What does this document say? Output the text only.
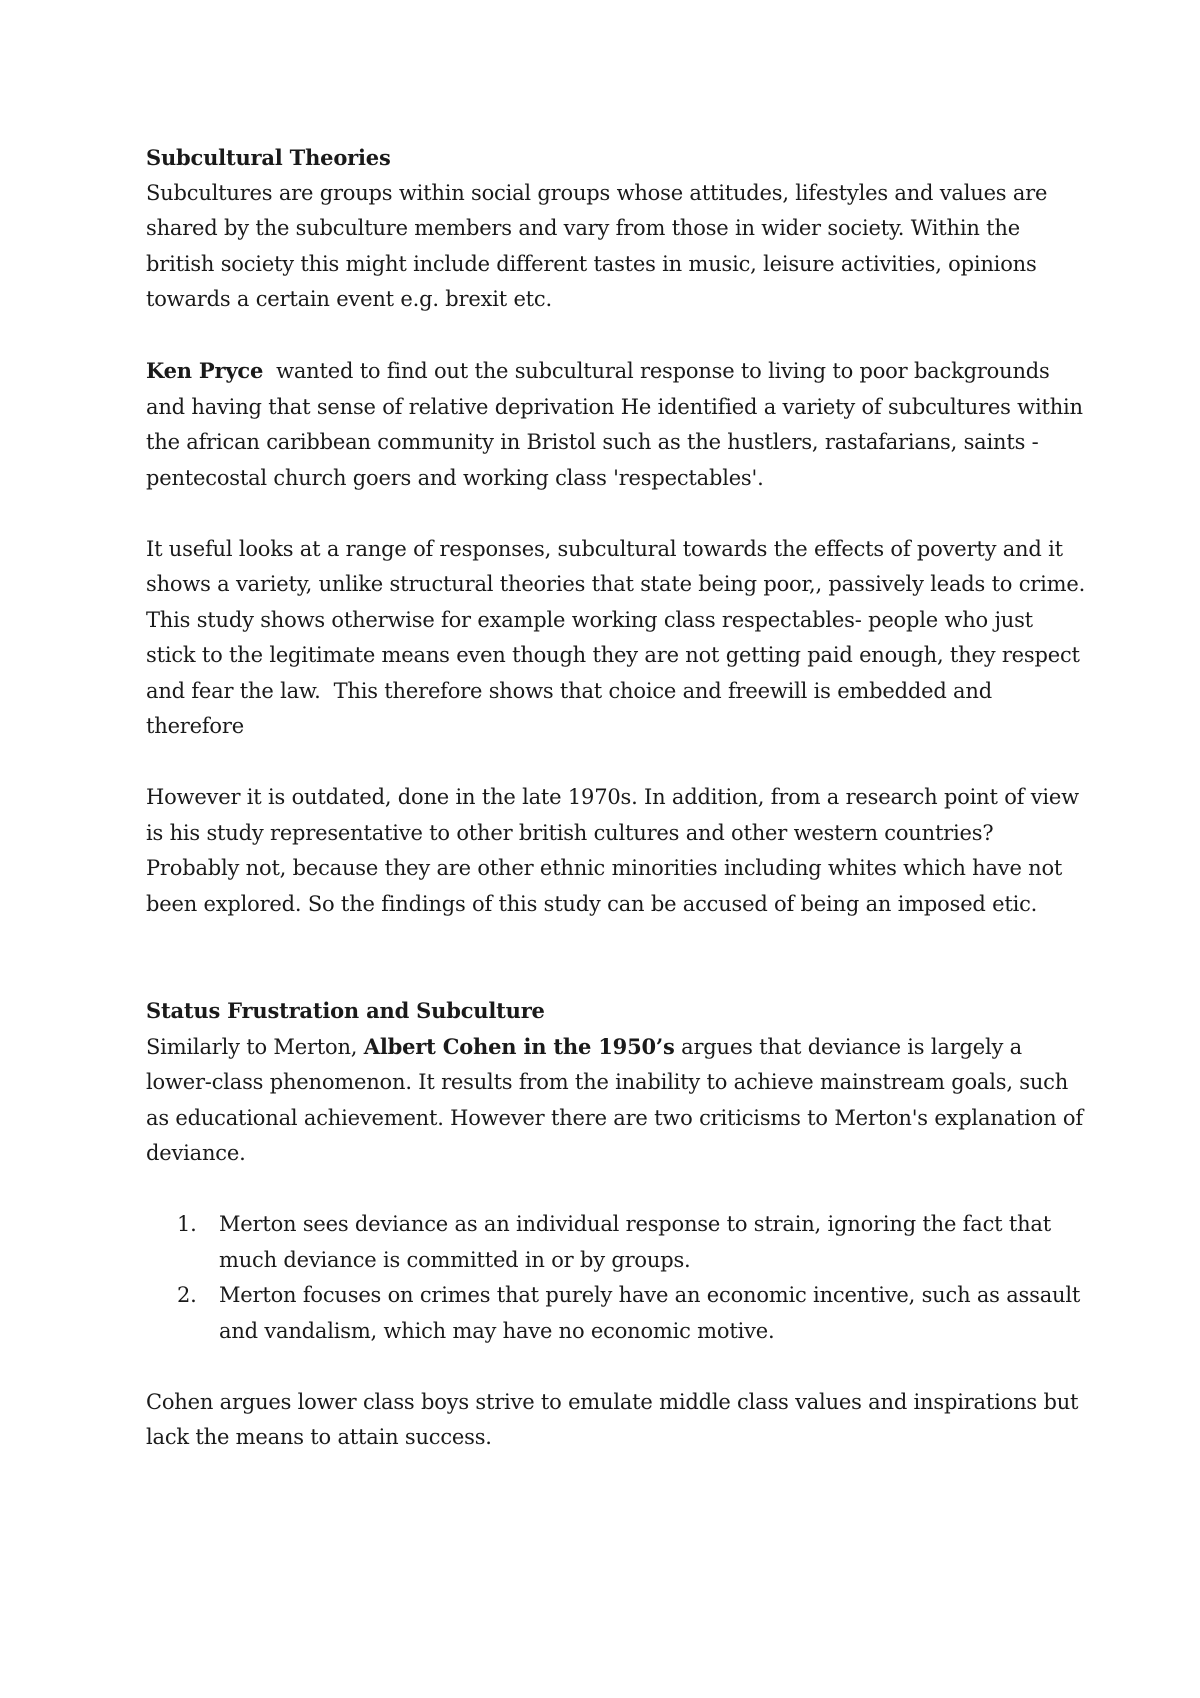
Subcultural Theories

Subcultures are groups within social groups whose attitudes, lifestyles and values are shared by the subculture members and vary from those in wider society. Within the british society this might include different tastes in music, leisure activities, opinions towards a certain event e.g. brexit etc.

Ken Pryce  wanted to find out the subcultural response to living to poor backgrounds and having that sense of relative deprivation He identified a variety of subcultures within the african caribbean community in Bristol such as the hustlers, rastafarians, saints - pentecostal church goers and working class 'respectables'.

It useful looks at a range of responses, subcultural towards the effects of poverty and it shows a variety, unlike structural theories that state being poor,, passively leads to crime. This study shows otherwise for example working class respectables- people who just stick to the legitimate means even though they are not getting paid enough, they respect and fear the law.  This therefore shows that choice and freewill is embedded and therefore

However it is outdated, done in the late 1970s. In addition, from a research point of view is his study representative to other british cultures and other western countries? Probably not, because they are other ethnic minorities including whites which have not been explored. So the findings of this study can be accused of being an imposed etic.

Status Frustration and Subculture

Similarly to Merton, Albert Cohen in the 1950’s argues that deviance is largely a lower-class phenomenon. It results from the inability to achieve mainstream goals, such as educational achievement. However there are two criticisms to Merton's explanation of deviance.

1.	Merton sees deviance as an individual response to strain, ignoring the fact that much deviance is committed in or by groups.
2.	Merton focuses on crimes that purely have an economic incentive, such as assault and vandalism, which may have no economic motive.

Cohen argues lower class boys strive to emulate middle class values and inspirations but lack the means to attain success.
